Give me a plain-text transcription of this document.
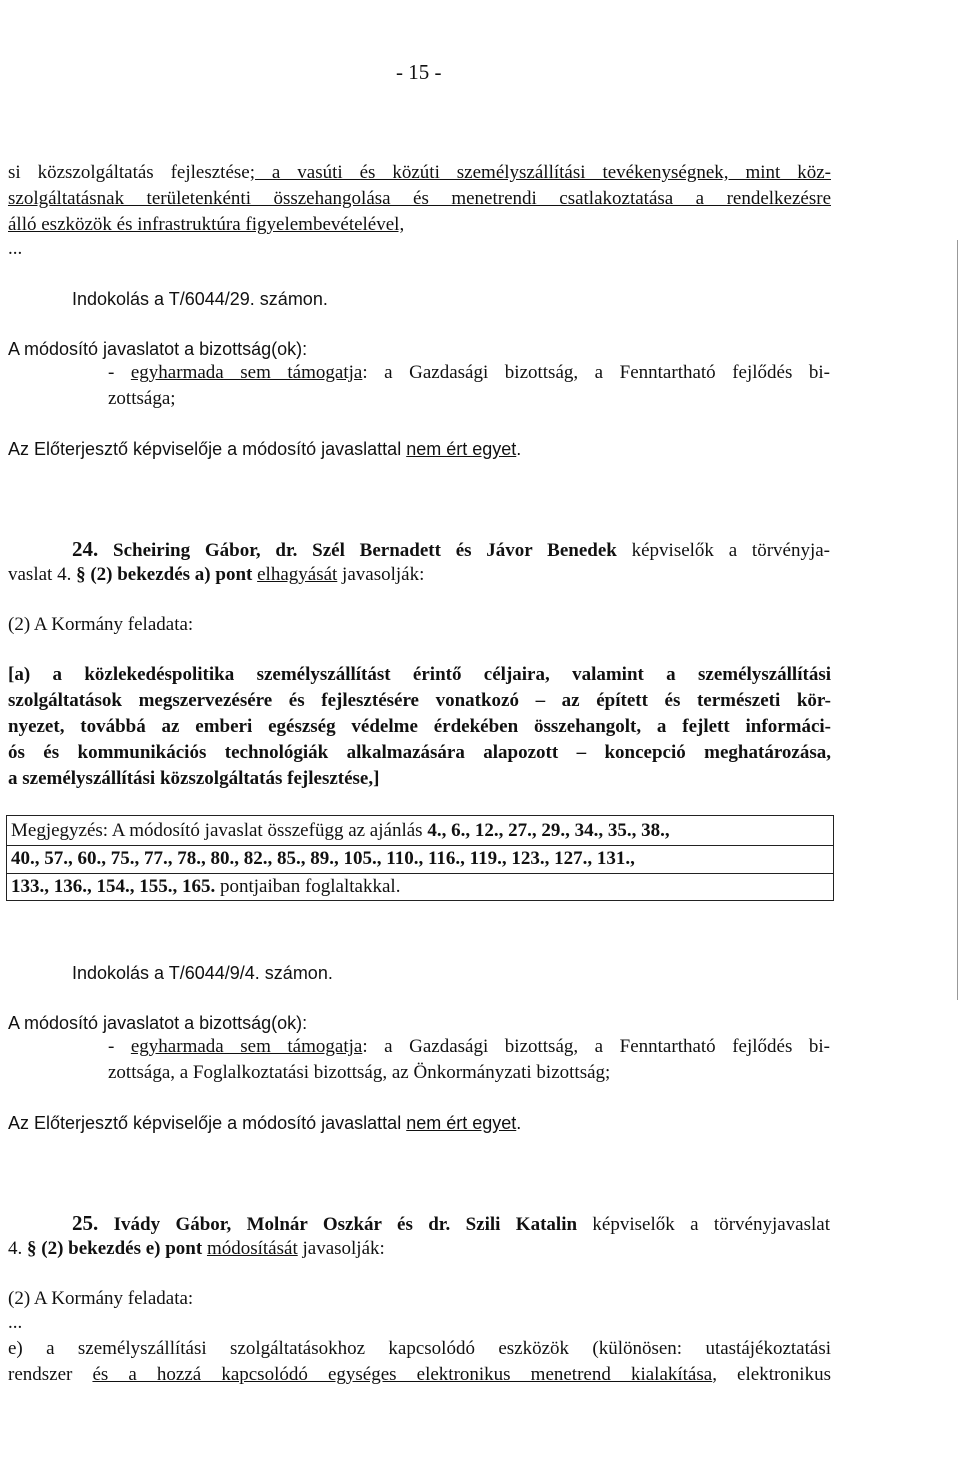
- 15 -
si közszolgáltatás fejlesztése; a vasúti és közúti személyszállítási tevékenységnek, mint köz-
szolgáltatásnak területenkénti összehangolása és menetrendi csatlakoztatása a rendelkezésre
álló eszközök és infrastruktúra figyelembevételével,
...
Indokolás a T/6044/29. számon.
A módosító javaslatot a bizottság(ok):
- egyharmada sem támogatja: a Gazdasági bizottság, a Fenntartható fejlődés bi-
zottsága;
Az Előterjesztő képviselője a módosító javaslattal nem ért egyet.
24. Scheiring Gábor, dr. Szél Bernadett és Jávor Benedek képviselők a törvényja-
vaslat 4. § (2) bekezdés a) pont elhagyását javasolják:
(2) A Kormány feladata:
[a) a közlekedéspolitika személyszállítást érintő céljaira, valamint a személyszállítási
szolgáltatások megszervezésére és fejlesztésére vonatkozó – az épített és természeti kör-
nyezet, továbbá az emberi egészség védelme érdekében összehangolt, a fejlett informáci-
ós és kommunikációs technológiák alkalmazására alapozott – koncepció meghatározása,
a személyszállítási közszolgáltatás fejlesztése,]
Megjegyzés: A módosító javaslat összefügg az ajánlás 4., 6., 12., 27., 29., 34., 35., 38.,
40., 57., 60., 75., 77., 78., 80., 82., 85., 89., 105., 110., 116., 119., 123., 127., 131.,
133., 136., 154., 155., 165. pontjaiban foglaltakkal.
Indokolás a T/6044/9/4. számon.
A módosító javaslatot a bizottság(ok):
- egyharmada sem támogatja: a Gazdasági bizottság, a Fenntartható fejlődés bi-
zottsága, a Foglalkoztatási bizottság, az Önkormányzati bizottság;
Az Előterjesztő képviselője a módosító javaslattal nem ért egyet.
25. Ivády Gábor, Molnár Oszkár és dr. Szili Katalin képviselők a törvényjavaslat
4. § (2) bekezdés e) pont módosítását javasolják:
(2) A Kormány feladata:
...
e) a személyszállítási szolgáltatásokhoz kapcsolódó eszközök (különösen: utastájékoztatási
rendszer és a hozzá kapcsolódó egységes elektronikus menetrend kialakítása, elektronikus
